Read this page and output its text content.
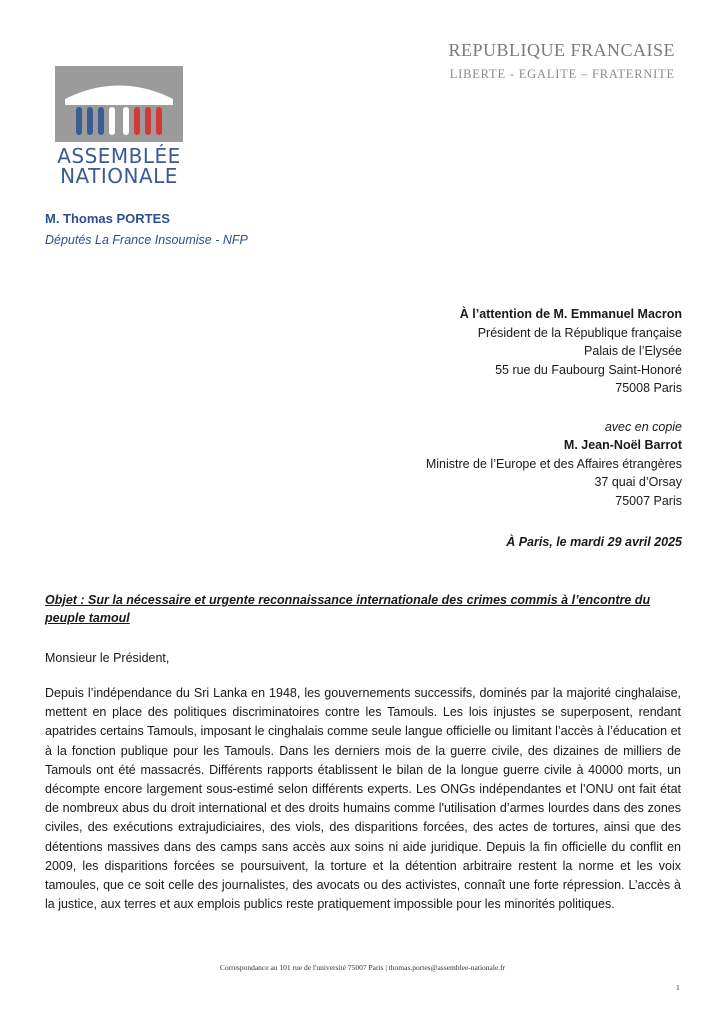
REPUBLIQUE FRANCAISE
LIBERTE - EGALITE – FRATERNITE
ASSEMBLÉE
NATIONALE
M. Thomas PORTES
Députés La France Insoumise - NFP
À l’attention de M. Emmanuel Macron
Président de la République française
Palais de l’Elysée
55 rue du Faubourg Saint-Honoré
75008 Paris
avec en copie
M. Jean-Noël Barrot
Ministre de l’Europe et des Affaires étrangères
37 quai d’Orsay
75007 Paris
À Paris, le mardi 29 avril 2025
Objet : Sur la nécessaire et urgente reconnaissance internationale des crimes commis à l’encontre du peuple tamoul
Monsieur le Président,
Depuis l’indépendance du Sri Lanka en 1948, les gouvernements successifs, dominés par la majorité cinghalaise, mettent en place des politiques discriminatoires contre les Tamouls. Les lois injustes se superposent, rendant apatrides certains Tamouls, imposant le cinghalais comme seule langue officielle ou limitant l’accès à l’éducation et à la fonction publique pour les Tamouls. Dans les derniers mois de la guerre civile, des dizaines de milliers de Tamouls ont été massacrés. Différents rapports établissent le bilan de la longue guerre civile à 40000 morts, un décompte encore largement sous-estimé selon différents experts. Les ONGs indépendantes et l’ONU ont fait état de nombreux abus du droit international et des droits humains comme l'utilisation d’armes lourdes dans des zones civiles, des exécutions extrajudiciaires, des viols, des disparitions forcées, des actes de tortures, ainsi que des détentions massives dans des camps sans accès aux soins ni aide juridique. Depuis la fin officielle du conflit en 2009, les disparitions forcées se poursuivent, la torture et la détention arbitraire restent la norme et les voix tamoules, que ce soit celle des journalistes, des avocats ou des activistes, connaît une forte répression. L’accès à la justice, aux terres et aux emplois publics reste pratiquement impossible pour les minorités politiques.
Correspondance au 101 rue de l'université 75007 Paris | thomas.portes@assemblee-nationale.fr
1
